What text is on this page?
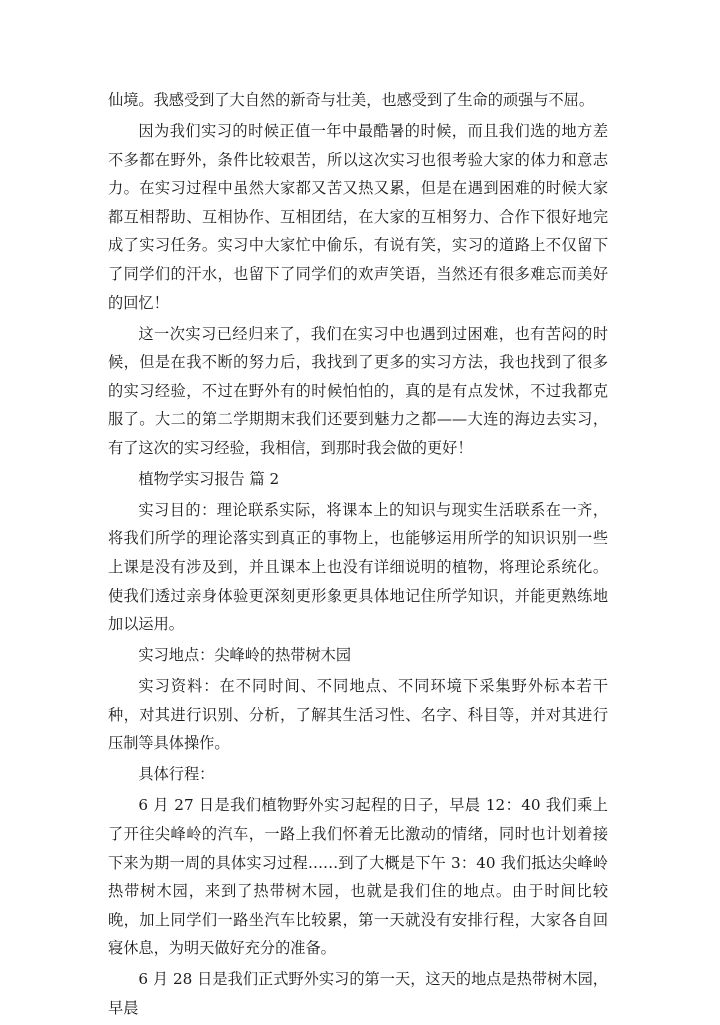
仙境。我感受到了大自然的新奇与壮美，也感受到了生命的顽强与不屈。

因为我们实习的时候正值一年中最酷暑的时候，而且我们选的地方差不多都在野外，条件比较艰苦，所以这次实习也很考验大家的体力和意志力。在实习过程中虽然大家都又苦又热又累，但是在遇到困难的时候大家都互相帮助、互相协作、互相团结，在大家的互相努力、合作下很好地完成了实习任务。实习中大家忙中偷乐，有说有笑，实习的道路上不仅留下了同学们的汗水，也留下了同学们的欢声笑语，当然还有很多难忘而美好的回忆！

这一次实习已经归来了，我们在实习中也遇到过困难，也有苦闷的时候，但是在我不断的努力后，我找到了更多的实习方法，我也找到了很多的实习经验，不过在野外有的时候怕怕的，真的是有点发怵，不过我都克服了。大二的第二学期期末我们还要到魅力之都——大连的海边去实习，有了这次的实习经验，我相信，到那时我会做的更好！

植物学实习报告 篇 2

实习目的：理论联系实际，将课本上的知识与现实生活联系在一齐，将我们所学的理论落实到真正的事物上，也能够运用所学的知识识别一些上课是没有涉及到，并且课本上也没有详细说明的植物，将理论系统化。使我们透过亲身体验更深刻更形象更具体地记住所学知识，并能更熟练地加以运用。

实习地点：尖峰岭的热带树木园

实习资料：在不同时间、不同地点、不同环境下采集野外标本若干种，对其进行识别、分析，了解其生活习性、名字、科目等，并对其进行压制等具体操作。

具体行程：

6 月 27 日是我们植物野外实习起程的日子，早晨 12：40 我们乘上了开往尖峰岭的汽车，一路上我们怀着无比激动的情绪，同时也计划着接下来为期一周的具体实习过程……到了大概是下午 3：40 我们抵达尖峰岭热带树木园，来到了热带树木园，也就是我们住的地点。由于时间比较晚，加上同学们一路坐汽车比较累，第一天就没有安排行程，大家各自回寝休息，为明天做好充分的准备。

6 月 28 日是我们正式野外实习的第一天，这天的地点是热带树木园，早晨
